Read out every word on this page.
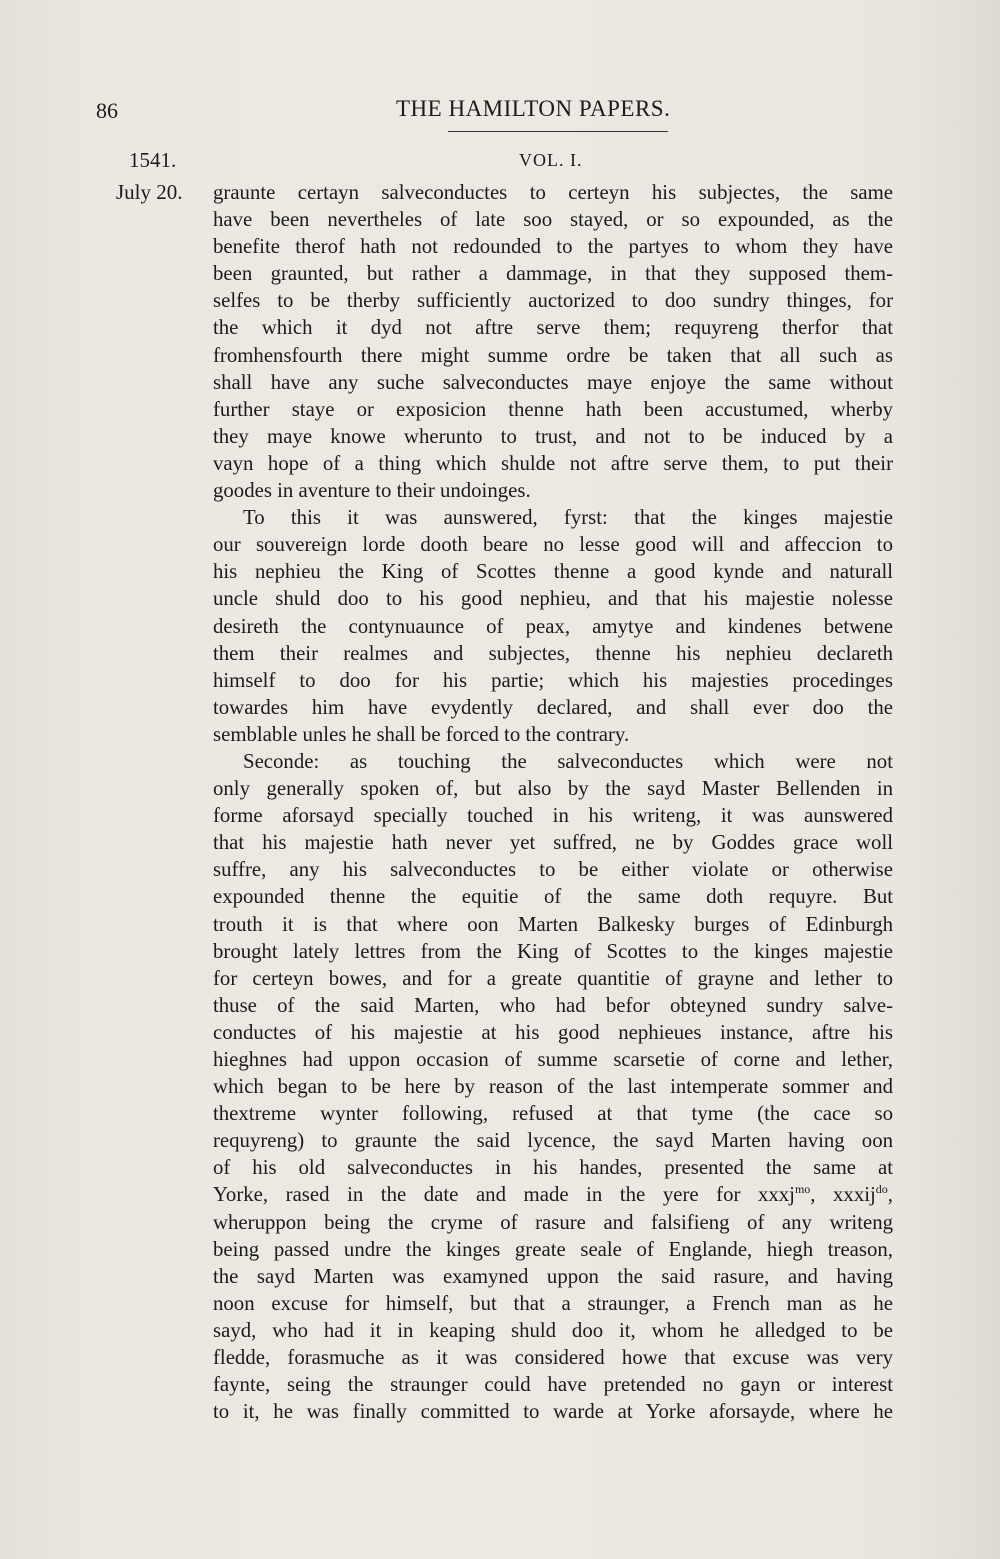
86	THE HAMILTON PAPERS.
1541.	VOL. I.
July 20. graunte certayn salveconductes to certeyn his subjectes, the same
have been nevertheles of late soo stayed, or so expounded, as the
benefite therof hath not redounded to the partyes to whom they have
been graunted, but rather a dammage, in that they supposed them-
selfes to be therby sufficiently auctorized to doo sundry thinges, for
the which it dyd not aftre serve them; requyreng therfor that
fromhensfourth there might summe ordre be taken that all such as
shall have any suche salveconductes maye enjoye the same without
further staye or exposicion thenne hath been accustumed, wherby
they maye knowe wherunto to trust, and not to be induced by a
vayn hope of a thing which shulde not aftre serve them, to put their
goodes in aventure to their undoinges.
To this it was aunswered, fyrst: that the kinges majestie
our souvereign lorde dooth beare no lesse good will and affeccion to
his nephieu the King of Scottes thenne a good kynde and naturall
uncle shuld doo to his good nephieu, and that his majestie nolesse
desireth the contynuaunce of peax, amytye and kindenes betwene
them their realmes and subjectes, thenne his nephieu declareth
himself to doo for his partie; which his majesties procedinges
towardes him have evydently declared, and shall ever doo the
semblable unles he shall be forced to the contrary.
Seconde: as touching the salveconductes which were not
only generally spoken of, but also by the sayd Master Bellenden in
forme aforsayd specially touched in his writeng, it was aunswered
that his majestie hath never yet suffred, ne by Goddes grace woll
suffre, any his salveconductes to be either violate or otherwise
expounded thenne the equitie of the same doth requyre. But
trouth it is that where oon Marten Balkesky burges of Edinburgh
brought lately lettres from the King of Scottes to the kinges majestie
for certeyn bowes, and for a greate quantitie of grayne and lether to
thuse of the said Marten, who had befor obteyned sundry salve-
conductes of his majestie at his good nephieues instance, aftre his
hieghnes had uppon occasion of summe scarsetie of corne and lether,
which began to be here by reason of the last intemperate sommer and
thextreme wynter following, refused at that tyme (the cace so
requyreng) to graunte the said lycence, the sayd Marten having oon
of his old salveconductes in his handes, presented the same at
Yorke, rased in the date and made in the yere for xxxj$^{mo}$, xxxij$^{do}$,
wheruppon being the cryme of rasure and falsifieng of any writeng
being passed undre the kinges greate seale of Englande, hiegh treason,
the sayd Marten was examyned uppon the said rasure, and having
noon excuse for himself, but that a straunger, a French man as he
sayd, who had it in keaping shuld doo it, whom he alledged to be
fledde, forasmuche as it was considered howe that excuse was very
faynte, seing the straunger could have pretended no gayn or interest
to it, he was finally committed to warde at Yorke aforsayde, where he
